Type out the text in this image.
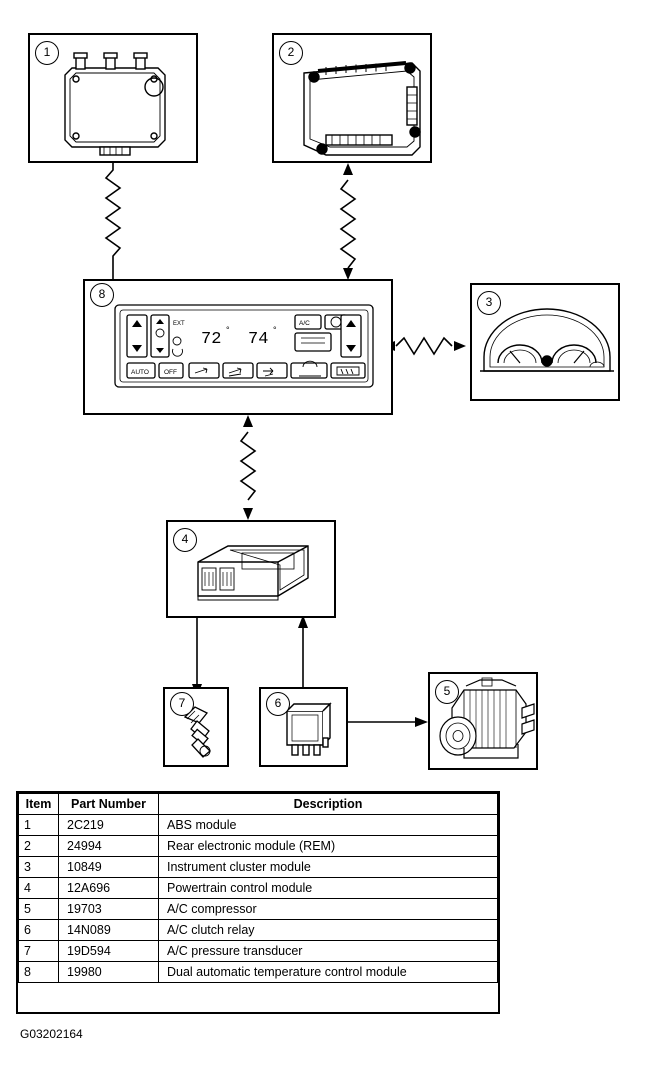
1	2
EXT
72 ° 74 °
A/C
AUTO OFF
8
3
4
7	6
5
Item	Part Number	Description
1	2C219	ABS module
2	24994	Rear electronic module (REM)
3	10849	Instrument cluster module
4	12A696	Powertrain control module
5	19703	A/C compressor
6	14N089	A/C clutch relay
7	19D594	A/C pressure transducer
8	19980	Dual automatic temperature control module
G03202164
